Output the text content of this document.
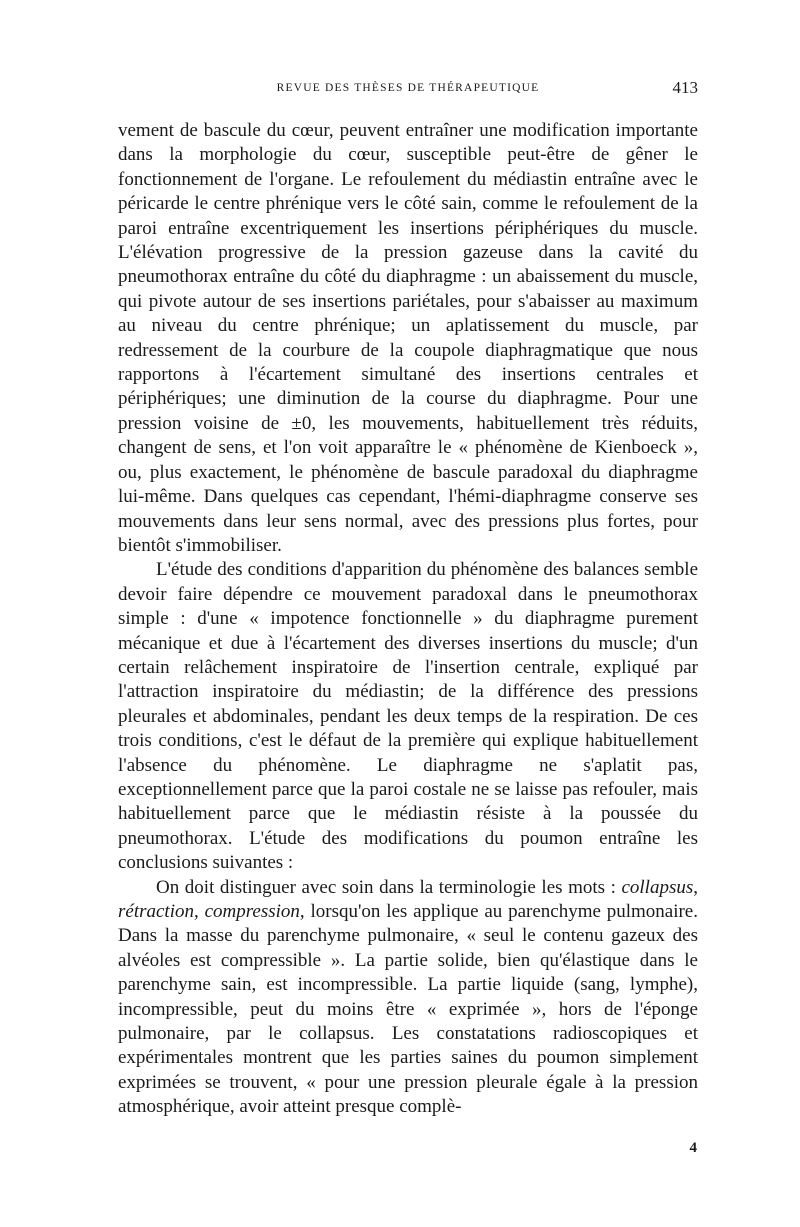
REVUE DES THÈSES DE THÉRAPEUTIQUE	413

vement de bascule du cœur, peuvent entraîner une modification importante dans la morphologie du cœur, susceptible peut-être de gêner le fonctionnement de l'organe. Le refoulement du médiastin entraîne avec le péricarde le centre phrénique vers le côté sain, comme le refoulement de la paroi entraîne excentriquement les insertions périphériques du muscle. L'élévation progressive de la pression gazeuse dans la cavité du pneumothorax entraîne du côté du diaphragme : un abaissement du muscle, qui pivote autour de ses insertions pariétales, pour s'abaisser au maximum au niveau du centre phrénique; un aplatissement du muscle, par redressement de la courbure de la coupole diaphragmatique que nous rapportons à l'écartement simultané des insertions centrales et périphériques; une diminution de la course du diaphragme. Pour une pression voisine de ±0, les mouvements, habituellement très réduits, changent de sens, et l'on voit apparaître le « phénomène de Kienboeck », ou, plus exactement, le phénomène de bascule paradoxal du diaphragme lui-même. Dans quelques cas cependant, l'hémi-diaphragme conserve ses mouvements dans leur sens normal, avec des pressions plus fortes, pour bientôt s'immobiliser.

L'étude des conditions d'apparition du phénomène des balances semble devoir faire dépendre ce mouvement paradoxal dans le pneumothorax simple : d'une « impotence fonctionnelle » du diaphragme purement mécanique et due à l'écartement des diverses insertions du muscle; d'un certain relâchement inspiratoire de l'insertion centrale, expliqué par l'attraction inspiratoire du médiastin; de la différence des pressions pleurales et abdominales, pendant les deux temps de la respiration. De ces trois conditions, c'est le défaut de la première qui explique habituellement l'absence du phénomène. Le diaphragme ne s'aplatit pas, exceptionnellement parce que la paroi costale ne se laisse pas refouler, mais habituellement parce que le médiastin résiste à la poussée du pneumothorax. L'étude des modifications du poumon entraîne les conclusions suivantes :

On doit distinguer avec soin dans la terminologie les mots : collapsus, rétraction, compression, lorsqu'on les applique au parenchyme pulmonaire. Dans la masse du parenchyme pulmonaire, « seul le contenu gazeux des alvéoles est compressible ». La partie solide, bien qu'élastique dans le parenchyme sain, est incompressible. La partie liquide (sang, lymphe), incompressible, peut du moins être « exprimée », hors de l'éponge pulmonaire, par le collapsus. Les constatations radioscopiques et expérimentales montrent que les parties saines du poumon simplement exprimées se trouvent, « pour une pression pleurale égale à la pression atmosphérique, avoir atteint presque complè-

4
